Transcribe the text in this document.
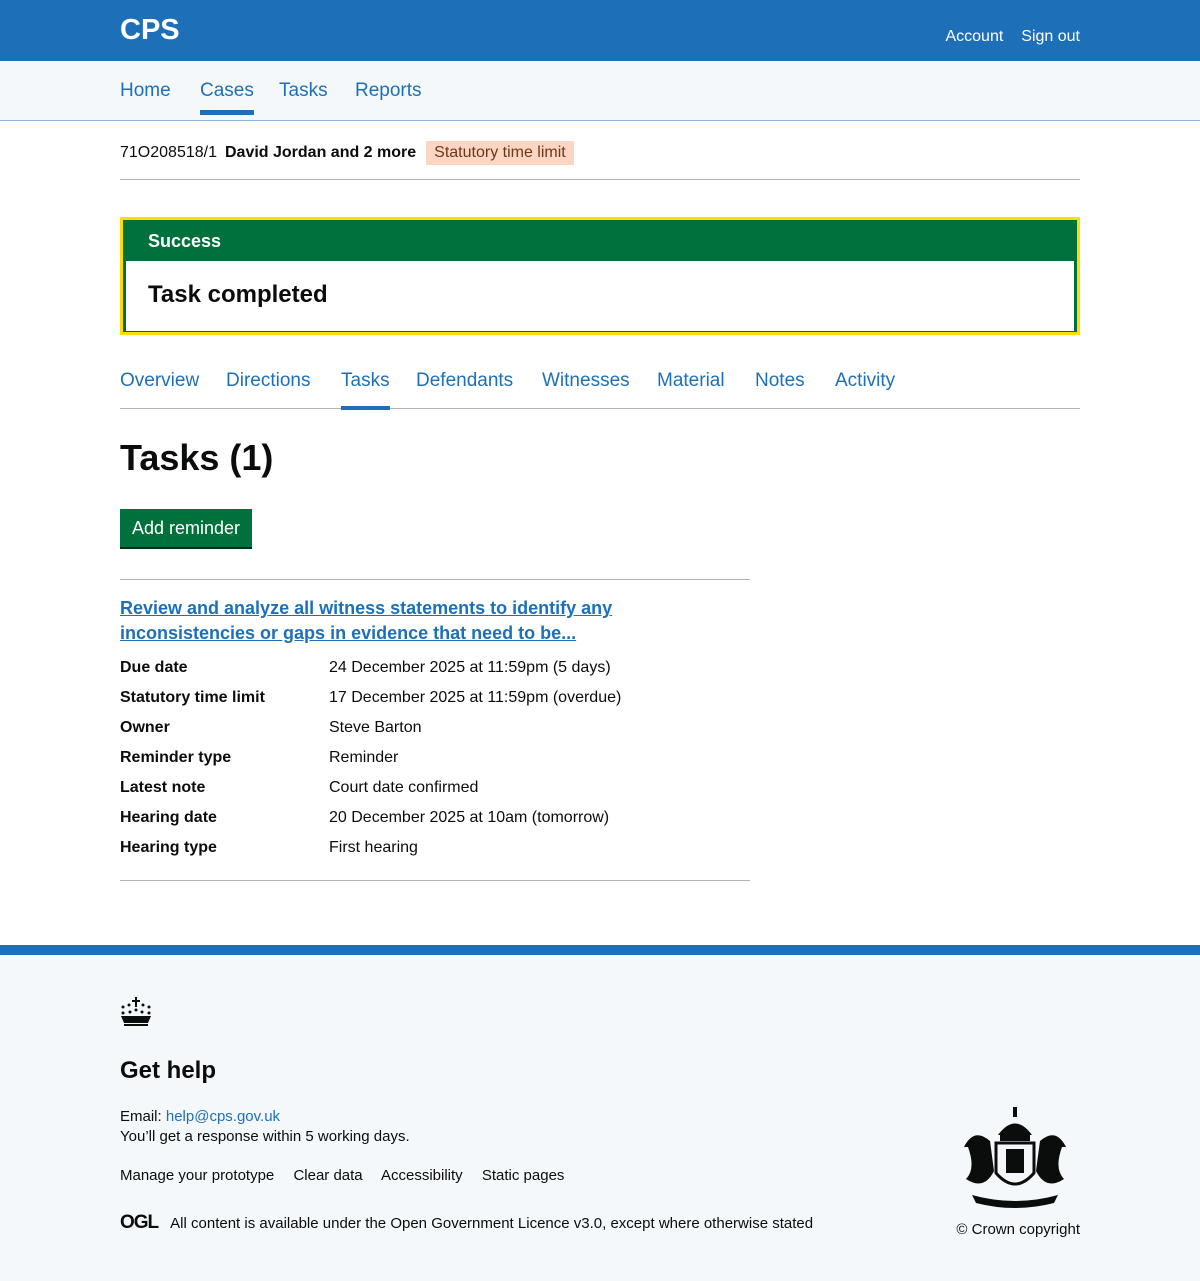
CPS	Account Sign out
Home Cases Tasks Reports
71O208518/1 David Jordan and 2 more	Statutory time limit
Success
Task completed
Overview Directions Tasks Defendants Witnesses Material Notes Activity
Tasks (1)
Add reminder
Review and analyze all witness statements to identify any inconsistencies or gaps in evidence that need to be...
Due date	24 December 2025 at 11:59pm (5 days)
Statutory time limit	17 December 2025 at 11:59pm (overdue)
Owner	Steve Barton
Reminder type	Reminder
Latest note	Court date confirmed
Hearing date	20 December 2025 at 10am (tomorrow)
Hearing type	First hearing
Get help
Email: help@cps.gov.uk
You’ll get a response within 5 working days.
Manage your prototype Clear data Accessibility Static pages
OGL All content is available under the
Open Government Licence v3.0 , except where otherwise stated	© Crown copyright
